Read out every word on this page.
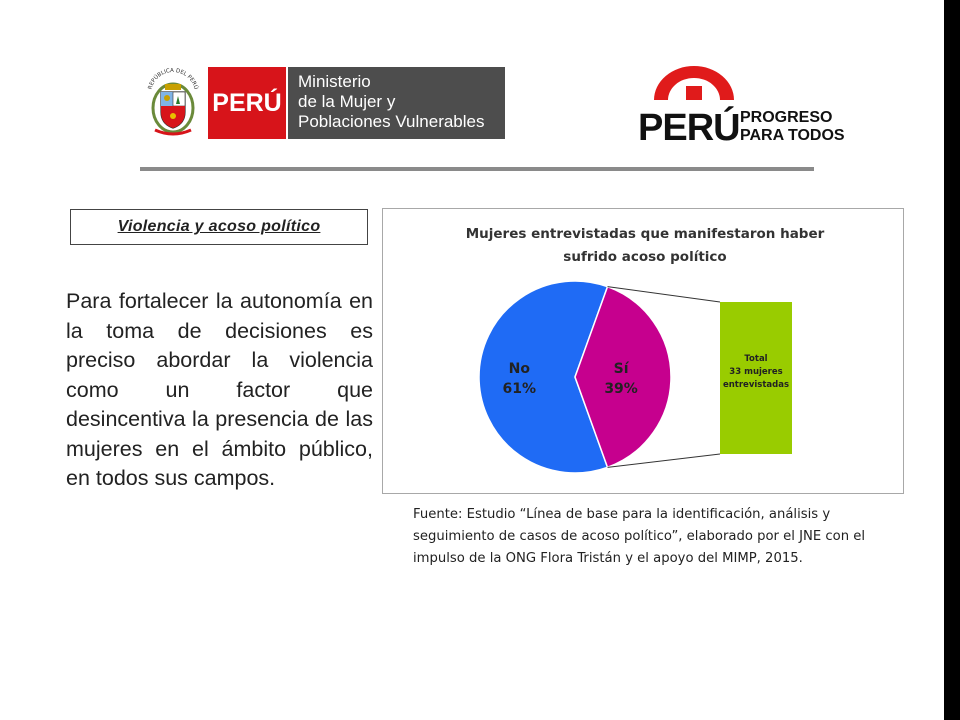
REPÚBLICA DEL PERÚ
PERÚ
Ministerio
de la Mujer y
Poblaciones Vulnerables	PERÚ PROGRESO
PARA TODOS
Violencia y acoso político
Para fortalecer la autonomía en la toma de decisiones es preciso abordar la violencia como un factor que desincentiva la presencia de las mujeres en el ámbito público, en todos sus campos.
Mujeres entrevistadas que manifestaron haber
sufrido acoso político
No
61%
Sí
39%
Total
33 mujeres
entrevistadas
Fuente: Estudio “Línea de base para la identificación, análisis y seguimiento de casos de acoso político”, elaborado por el JNE con el impulso de la ONG Flora Tristán y el apoyo del MIMP, 2015.
